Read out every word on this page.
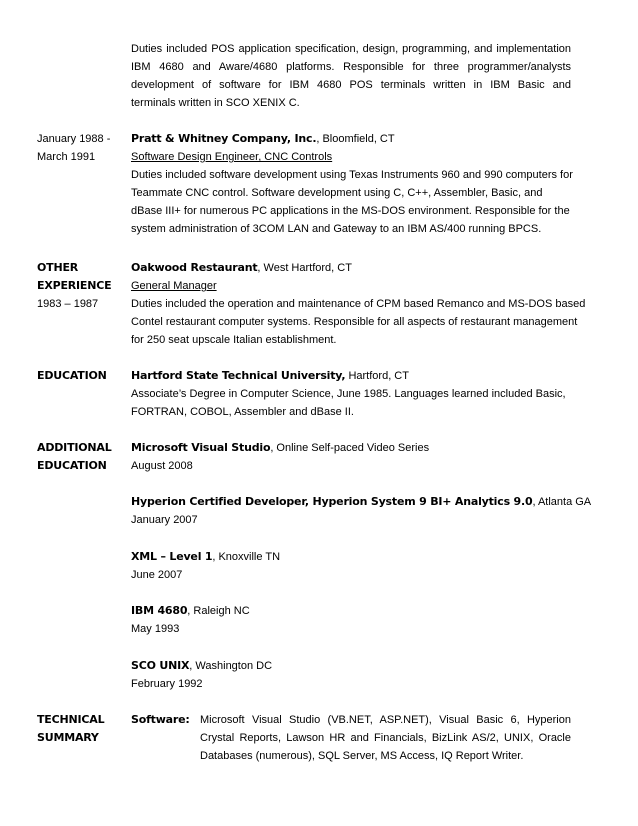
Duties included POS application specification, design, programming, and implementation
IBM 4680 and Aware/4680 platforms. Responsible for three programmer/analysts
development of software for IBM 4680 POS terminals written in IBM Basic and
terminals written in SCO XENIX C.
January 1988 -
March 1991
Pratt & Whitney Company, Inc., Bloomfield, CT
Software Design Engineer, CNC Controls
Duties included software development using Texas Instruments 960 and 990 computers for
Teammate CNC control. Software development using C, C++, Assembler, Basic, and
dBase III+ for numerous PC applications in the MS-DOS environment. Responsible for the
system administration of 3COM LAN and Gateway to an IBM AS/400 running BPCS.
OTHER
EXPERIENCE
1983 – 1987
Oakwood Restaurant, West Hartford, CT
General Manager
Duties included the operation and maintenance of CPM based Remanco and MS-DOS based
Contel restaurant computer systems. Responsible for all aspects of restaurant management
for 250 seat upscale Italian establishment.
EDUCATION	Hartford State Technical University, Hartford, CT
Associate’s Degree in Computer Science, June 1985. Languages learned included Basic,
FORTRAN, COBOL, Assembler and dBase II.
ADDITIONAL
EDUCATION
Microsoft Visual Studio, Online Self-paced Video Series
August 2008
Hyperion Certified Developer, Hyperion System 9 BI+ Analytics 9.0, Atlanta GA
January 2007
XML – Level 1, Knoxville TN
June 2007
IBM 4680, Raleigh NC
May 1993
SCO UNIX, Washington DC
February 1992
TECHNICAL
SUMMARY
Software: Microsoft Visual Studio (VB.NET, ASP.NET), Visual Basic 6, Hyperion
Crystal Reports, Lawson HR and Financials, BizLink AS/2, UNIX, Oracle
Databases (numerous), SQL Server, MS Access, IQ Report Writer.
